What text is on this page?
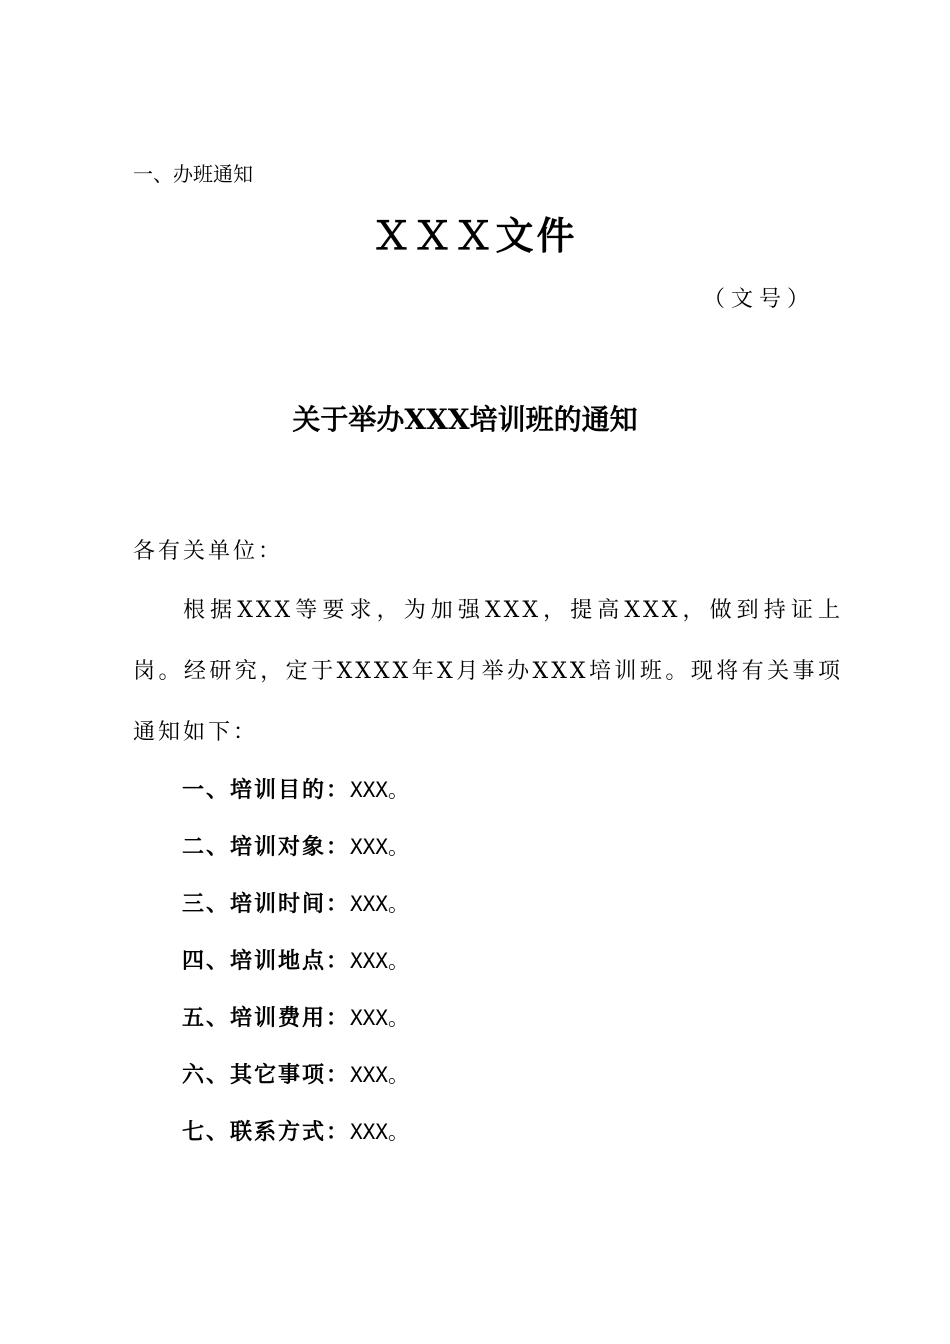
一、办班通知
ＸＸＸ文件
（文号）
关于举办XXX培训班的通知
各有关单位：
根据XXX等要求，为加强XXX，提高XXX，做到持证上岗。经研究，定于XXXX年X月举办XXX培训班。现将有关事项通知如下：
一、培训目的：XXX。
二、培训对象：XXX。
三、培训时间：XXX。
四、培训地点：XXX。
五、培训费用：XXX。
六、其它事项：XXX。
七、联系方式：XXX。
